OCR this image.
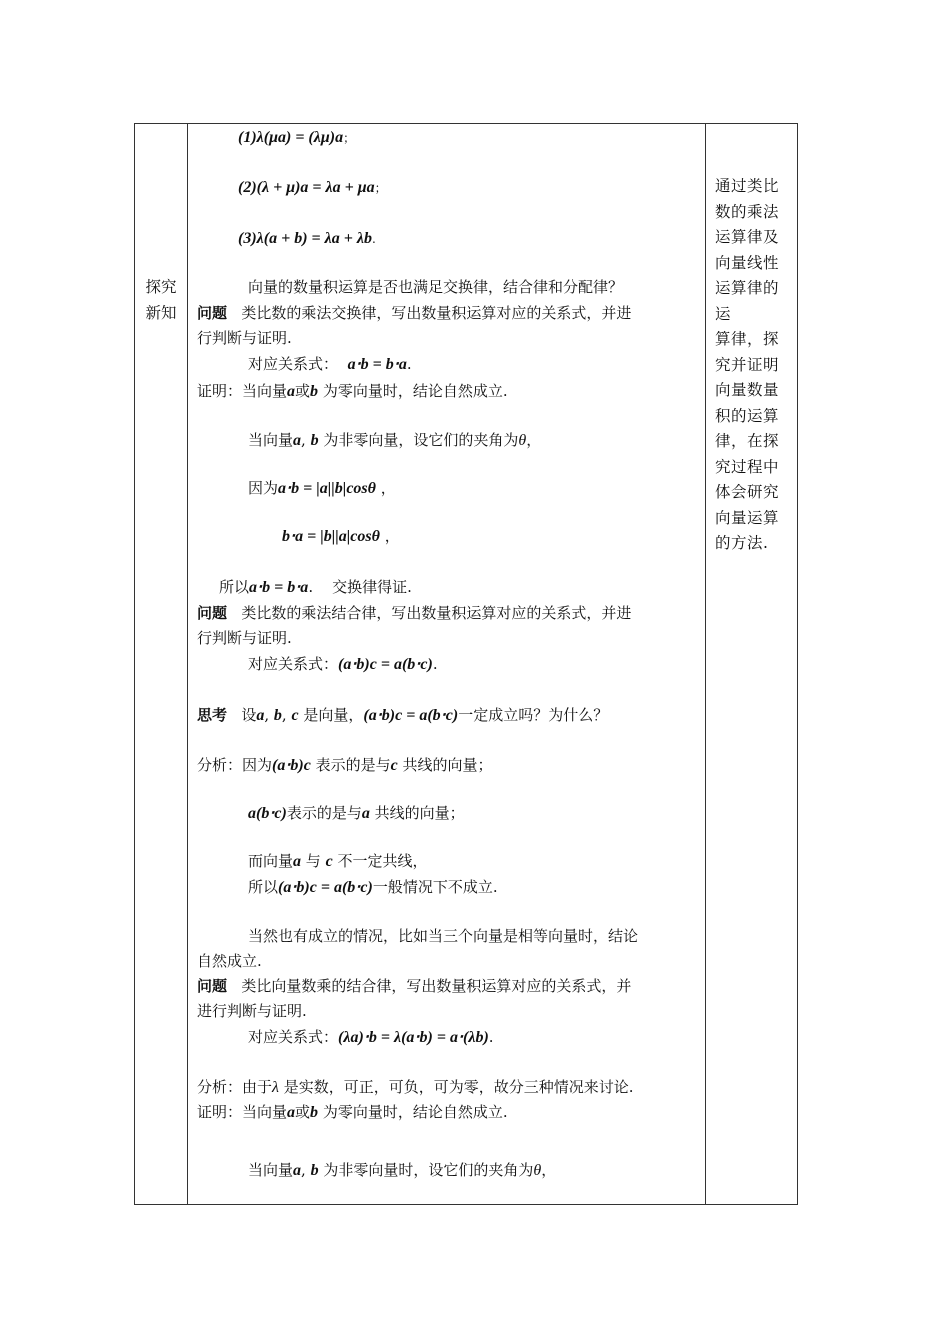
探究
新知
通过类比
数的乘法
运算律及
向量线性
运算律的运
算律，探
究并证明
向量数量
积的运算
律，在探
究过程中
体会研究
向量运算
的方法.
(1)λ(μa) = (λμ)a；
(2)(λ + μ)a = λa + μa；
(3)λ(a + b) = λa + λb.
向量的数量积运算是否也满足交换律，结合律和分配律？
问题 类比数的乘法交换律，写出数量积运算对应的关系式，并进
行判断与证明.
对应关系式： a⋅b = b⋅a.
证明：当向量a或b 为零向量时，结论自然成立.
当向量a, b 为非零向量，设它们的夹角为θ，
因为a⋅b = |a||b|cosθ ，
b⋅a = |b||a|cosθ ，
所以a⋅b = b⋅a. 交换律得证.
问题 类比数的乘法结合律，写出数量积运算对应的关系式，并进
行判断与证明.
对应关系式：(a⋅b)c = a(b⋅c).
思考 设a, b, c 是向量，(a⋅b)c = a(b⋅c)一定成立吗？为什么？
分析：因为(a⋅b)c 表示的是与c 共线的向量；
a(b⋅c)表示的是与a 共线的向量；
而向量a 与 c 不一定共线，
所以(a⋅b)c = a(b⋅c)一般情况下不成立.
当然也有成立的情况，比如当三个向量是相等向量时，结论
自然成立.
问题 类比向量数乘的结合律，写出数量积运算对应的关系式，并
进行判断与证明.
对应关系式：(λa)⋅b = λ(a⋅b) = a⋅(λb).
分析：由于λ 是实数，可正，可负，可为零，故分三种情况来讨论.
证明：当向量a或b 为零向量时，结论自然成立.
当向量a, b 为非零向量时，设它们的夹角为θ，
